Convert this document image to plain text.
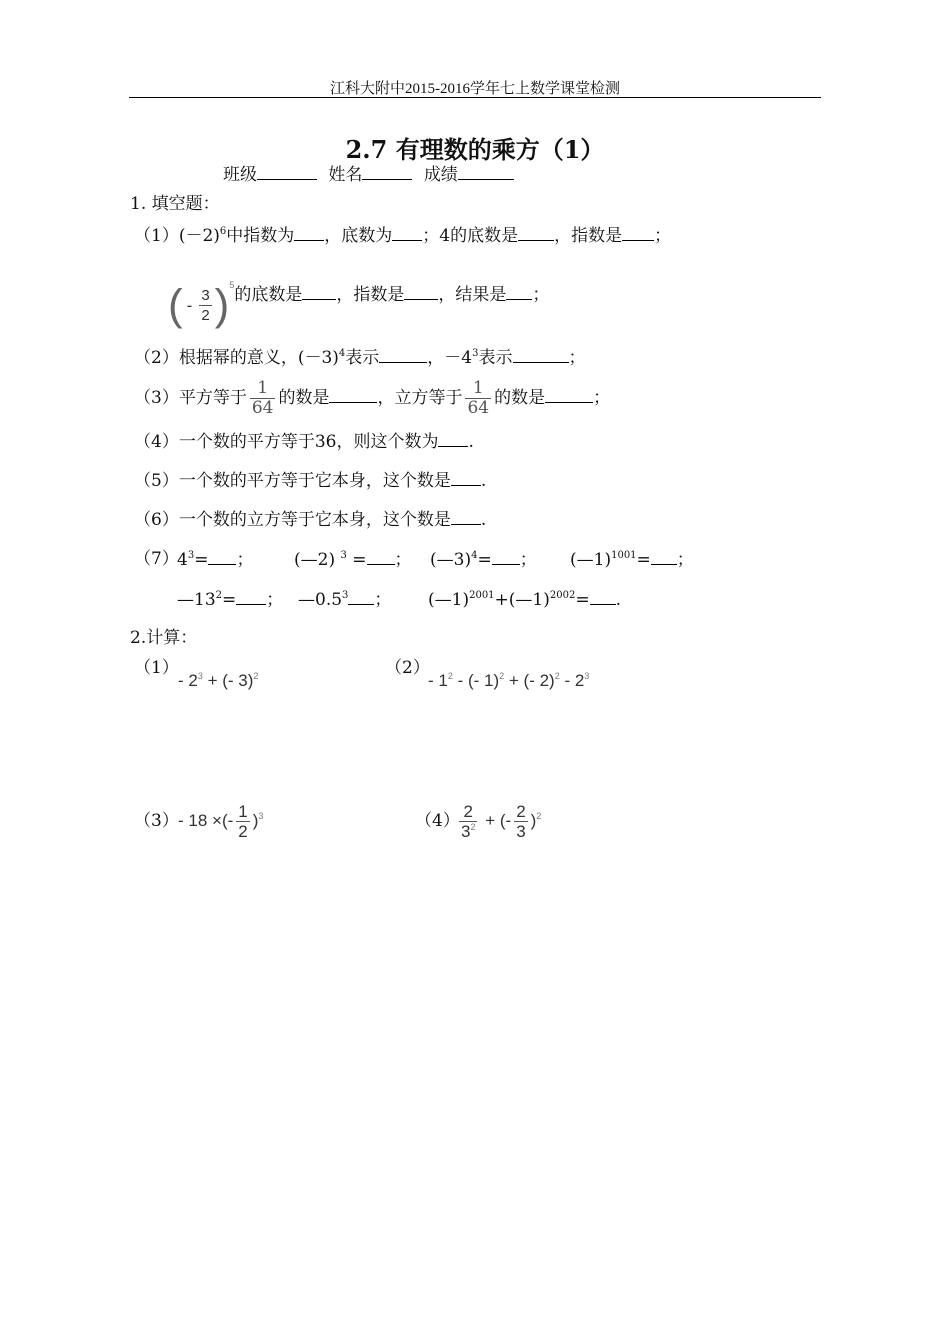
江科大附中2015-2016学年七上数学课堂检测
2.7 有理数的乘方（1）
班级	姓名	成绩
1. 填空题：
$(1)(-2)^6$中指数为 ，底数为 ；4的底数是 ，指数是 ；
( - $\frac{3}{2} )^5$的底数是 ，指数是 ，结果是 ；
（2）根据幂的意义，$(-3)^4$表示	，$-4^3$表示	；
（3）平方等于 $\frac{1}{64}$ 的数是	，立方等于 $\frac{1}{64}$ 的数是	；
（4）一个数的平方等于36，则这个数为 .
（5）一个数的平方等于它本身，这个数是 .
（6）一个数的立方等于它本身，这个数是 .
（7）
$4^3=$ ； (—2) $^3$ = ； (—3)$^4$= ； (—1)$^{1001}$= ；
$—13^2=$ ； $—0.5^3$ ； (—1)$^{2001}$+(—1)$^{2002}$= .
2.计算：
（1）
- $2^3$ + (- 3)$^2$	（2）
- $1^2$ - (- 1)$^2$ + (- $2)^2 - 2^3$
（3） - 18 ×(- $\frac{1}{2} )^3$	$(4) \frac{2}{3^2}$ + (- $\frac{2}{3} )^2$
